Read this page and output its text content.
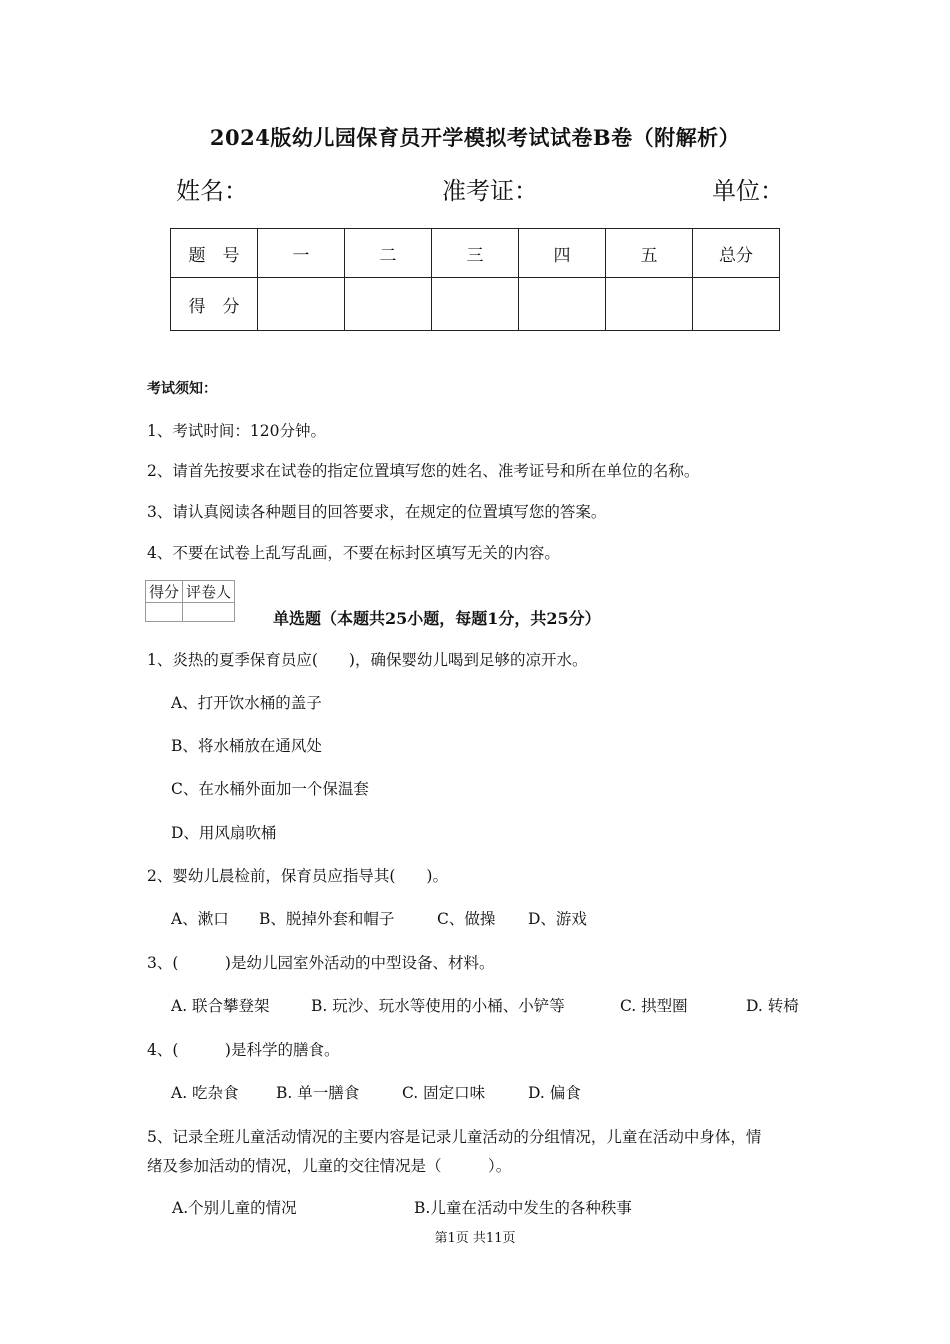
2024版幼儿园保育员开学模拟考试试卷B卷（附解析）
姓名：	准考证：	单位：
题　号	一	二	三	四	五	总分
得　分						
考试须知：
1、考试时间：120分钟。
2、请首先按要求在试卷的指定位置填写您的姓名、准考证号和所在单位的名称。
3、请认真阅读各种题目的回答要求，在规定的位置填写您的答案。
4、不要在试卷上乱写乱画，不要在标封区填写无关的内容。
得分	评卷人

单选题（本题共25小题，每题1分，共25分）
1、炎热的夏季保育员应(　　)，确保婴幼儿喝到足够的凉开水。
A、打开饮水桶的盖子
B、将水桶放在通风处
C、在水桶外面加一个保温套
D、用风扇吹桶
2、婴幼儿晨检前，保育员应指导其(　　)。
A、漱口 B、脱掉外套和帽子	C、做操 D、游戏
3、(　　　)是幼儿园室外活动的中型设备、材料。
A. 联合攀登架	B. 玩沙、玩水等使用的小桶、小铲等	C. 拱型圈	D. 转椅
4、(　　　)是科学的膳食。
A. 吃杂食 B. 单一膳食	C. 固定口味	D. 偏食
5、记录全班儿童活动情况的主要内容是记录儿童活动的分组情况，儿童在活动中身体，情
绪及参加活动的情况，儿童的交往情况是（　　　）。
A.个别儿童的情况	B.儿童在活动中发生的各种秩事
第1页 共11页
